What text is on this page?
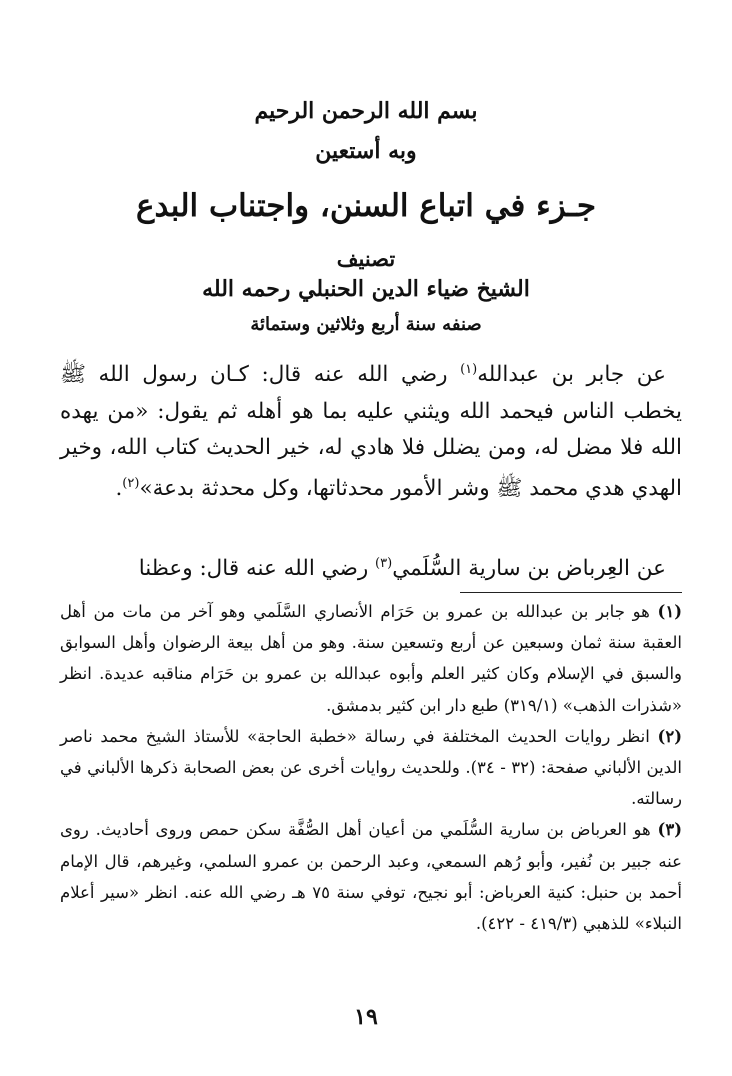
بسم الله الرحمن الرحيم
وبه أستعين
جـزء في اتباع السنن، واجتناب البدع
تصنيف
الشيخ ضياء الدين الحنبلي رحمه الله
صنفه سنة أربع وثلاثين وستمائة
عن جابر بن عبدالله$^{(١)}$ رضي الله عنه قال: كـان رسول الله ﷺ يخطب الناس فيحمد الله ويثني عليه بما هو أهله ثم يقول: «من يهده الله فلا مضل له، ومن يضلل فلا هادي له، خير الحديث كتاب الله، وخير الهدي هدي محمد ﷺ وشر الأمور محدثاتها، وكل محدثة بدعة»$^{(٢)}$.
عن العِرباض بن سارية السُّلَمي$^{(٣)}$ رضي الله عنه قال: وعظنا

(١) هو جابر بن عبدالله بن عمرو بن حَرَام الأنصاري السَّلَمي وهو آخر من مات من أهل العقبة سنة ثمان وسبعين عن أربع وتسعين سنة. وهو من أهل بيعة الرضوان وأهل السوابق والسبق في الإسلام وكان كثير العلم وأبوه عبدالله بن عمرو بن حَرَام مناقبه عديدة. انظر «شذرات الذهب» (٣١٩/١) طبع دار ابن كثير بدمشق.

(٢) انظر روايات الحديث المختلفة في رسالة «خطبة الحاجة» للأستاذ الشيخ محمد ناصر الدين الألباني صفحة: (٣٢ - ٣٤). وللحديث روايات أخرى عن بعض الصحابة ذكرها الألباني في رسالته.

(٣) هو العرباض بن سارية السُّلَمي من أعيان أهل الصُّفَّة سكن حمص وروى أحاديث. روى عنه جبير بن نُفير، وأبو رُهم السمعي، وعبد الرحمن بن عمرو السلمي، وغيرهم، قال الإمام أحمد بن حنبل: كنية العرباض: أبو نجيح، توفي سنة ٧٥ هـ رضي الله عنه. انظر «سير أعلام النبلاء» للذهبي (٤١٩/٣ - ٤٢٢).

١٩
